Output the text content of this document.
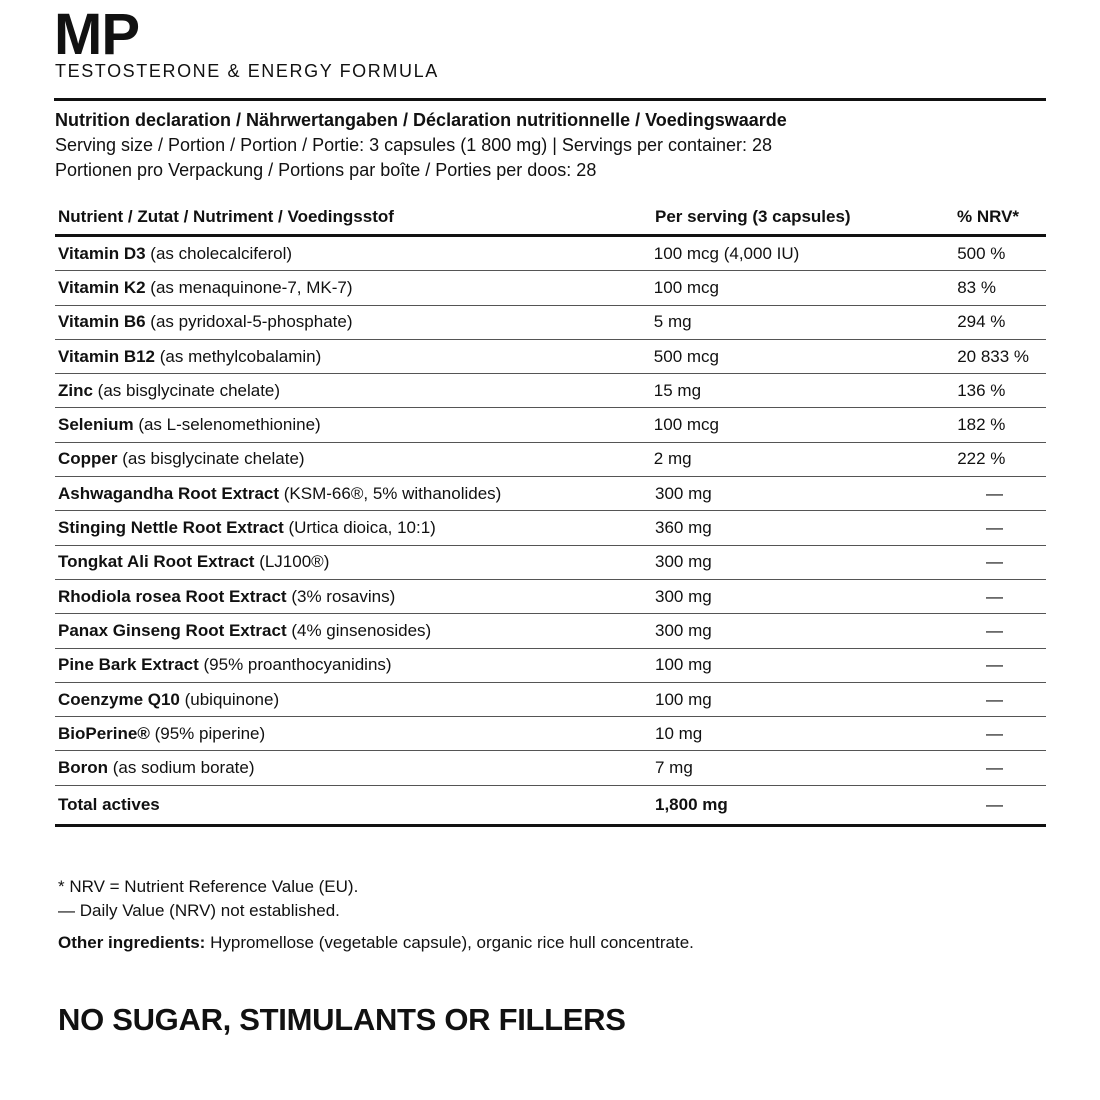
MP
TESTOSTERONE & ENERGY FORMULA
Nutrition declaration / Nährwertangaben / Déclaration nutritionnelle / Voedingswaarde
Serving size / Portion / Portion / Portie: 3 capsules (1 800 mg) | Servings per container: 28
Portionen pro Verpackung / Portions par boîte / Porties per doos: 28
Nutrient / Zutat / Nutriment / Voedingsstof	Per serving (3 capsules)	% NRV*
Vitamin D3 (as cholecalciferol)	100 mcg (4,000 IU)	500 %
Vitamin K2 (as menaquinone-7, MK-7)	100 mcg	83 %
Vitamin B6 (as pyridoxal-5-phosphate)	5 mg	294 %
Vitamin B12 (as methylcobalamin)	500 mcg	20 833 %
Zinc (as bisglycinate chelate)	15 mg	136 %
Selenium (as L-selenomethionine)	100 mcg	182 %
Copper (as bisglycinate chelate)	2 mg	222 %
Ashwagandha Root Extract (KSM-66®, 5% withanolides)	300 mg	—
Stinging Nettle Root Extract (Urtica dioica, 10:1)	360 mg	—
Tongkat Ali Root Extract (LJ100®)	300 mg	—
Rhodiola rosea Root Extract (3% rosavins)	300 mg	—
Panax Ginseng Root Extract (4% ginsenosides)	300 mg	—
Pine Bark Extract (95% proanthocyanidins)	100 mg	—
Coenzyme Q10 (ubiquinone)	100 mg	—
BioPerine® (95% piperine)	10 mg	—
Boron (as sodium borate)	7 mg	—
Total actives	1,800 mg	—
* NRV = Nutrient Reference Value (EU).
— Daily Value (NRV) not established.
Other ingredients: Hypromellose (vegetable capsule), organic rice hull concentrate.
NO SUGAR, STIMULANTS OR FILLERS
